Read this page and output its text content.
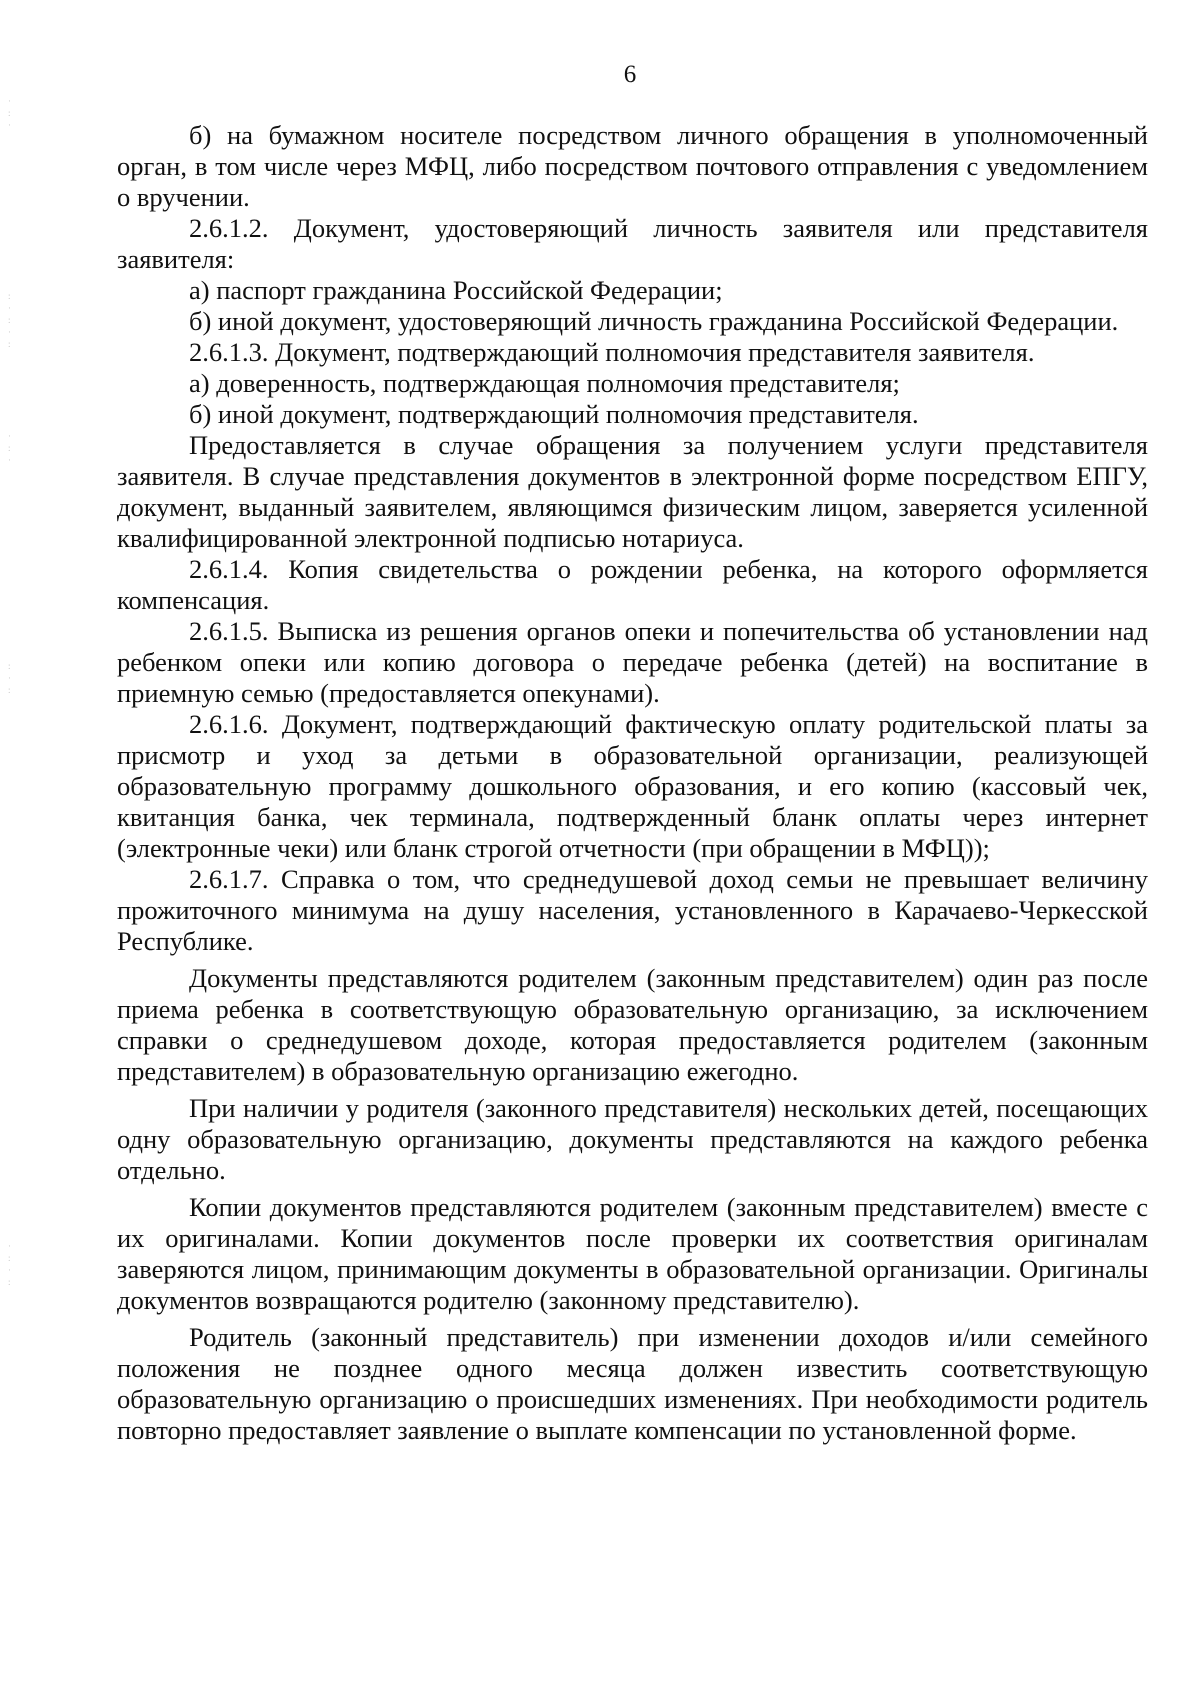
·
:
·
:
·
:
·
:
·
:
·
:
·
:
·
:
·
:
6

б) на бумажном носителе посредством личного обращения в уполномоченный орган, в том числе через МФЦ, либо посредством почтового отправления с уведомлением о вручении.

2.6.1.2. Документ, удостоверяющий личность заявителя или представителя заявителя:

а) паспорт гражданина Российской Федерации;

б) иной документ, удостоверяющий личность гражданина Российской Федерации.

2.6.1.3. Документ, подтверждающий полномочия представителя заявителя.

а) доверенность, подтверждающая полномочия представителя;

б) иной документ, подтверждающий полномочия представителя.

Предоставляется в случае обращения за получением услуги представителя заявителя. В случае представления документов в электронной форме посредством ЕПГУ, документ, выданный заявителем, являющимся физическим лицом, заверяется усиленной квалифицированной электронной подписью нотариуса.

2.6.1.4. Копия свидетельства о рождении ребенка, на которого оформляется компенсация.

2.6.1.5. Выписка из решения органов опеки и попечительства об установлении над ребенком опеки или копию договора о передаче ребенка (детей) на воспитание в приемную семью (предоставляется опекунами).

2.6.1.6. Документ, подтверждающий фактическую оплату родительской платы за присмотр и уход за детьми в образовательной организации, реализующей образовательную программу дошкольного образования, и его копию (кассовый чек, квитанция банка, чек терминала, подтвержденный бланк оплаты через интернет (электронные чеки) или бланк строгой отчетности (при обращении в МФЦ));

2.6.1.7. Справка о том, что среднедушевой доход семьи не превышает величину прожиточного минимума на душу населения, установленного в Карачаево-Черкесской Республике.

Документы представляются родителем (законным представителем) один раз после приема ребенка в соответствующую образовательную организацию, за исключением справки о среднедушевом доходе, которая предоставляется родителем (законным представителем) в образовательную организацию ежегодно.

При наличии у родителя (законного представителя) нескольких детей, посещающих одну образовательную организацию, документы представляются на каждого ребенка отдельно.

Копии документов представляются родителем (законным представителем) вместе с их оригиналами. Копии документов после проверки их соответствия оригиналам заверяются лицом, принимающим документы в образовательной организации. Оригиналы документов возвращаются родителю (законному представителю).

Родитель (законный представитель) при изменении доходов и/или семейного положения не позднее одного месяца должен известить соответствующую образовательную организацию о происшедших изменениях. При необходимости родитель повторно предоставляет заявление о выплате компенсации по установленной форме.
